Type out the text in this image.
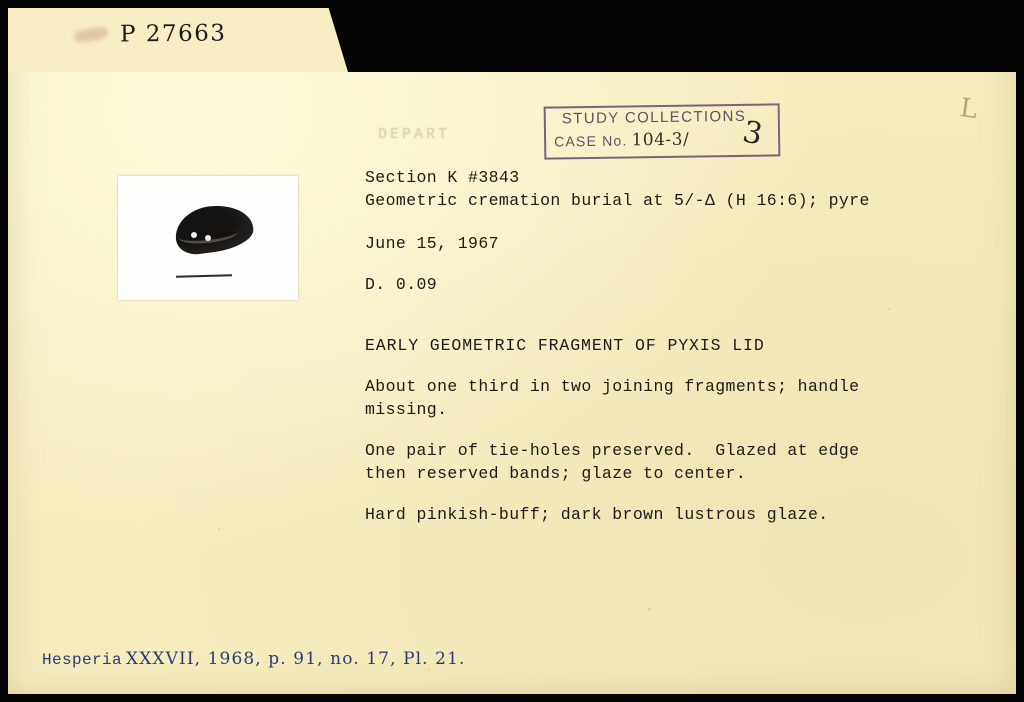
P 27663
DEPART
STUDY COLLECTIONS
CASE No. 104-3/ 3
L
Section K #3843
Geometric cremation burial at 5/-Δ (H 16:6); pyre
June 15, 1967
D. 0.09
EARLY GEOMETRIC FRAGMENT OF PYXIS LID
About one third in two joining fragments; handle
missing.
One pair of tie-holes preserved.  Glazed at edge
then reserved bands; glaze to center.
Hard pinkish-buff; dark brown lustrous glaze.
Hesperia XXXVII, 1968, p. 91, no. 17, Pl. 21.
